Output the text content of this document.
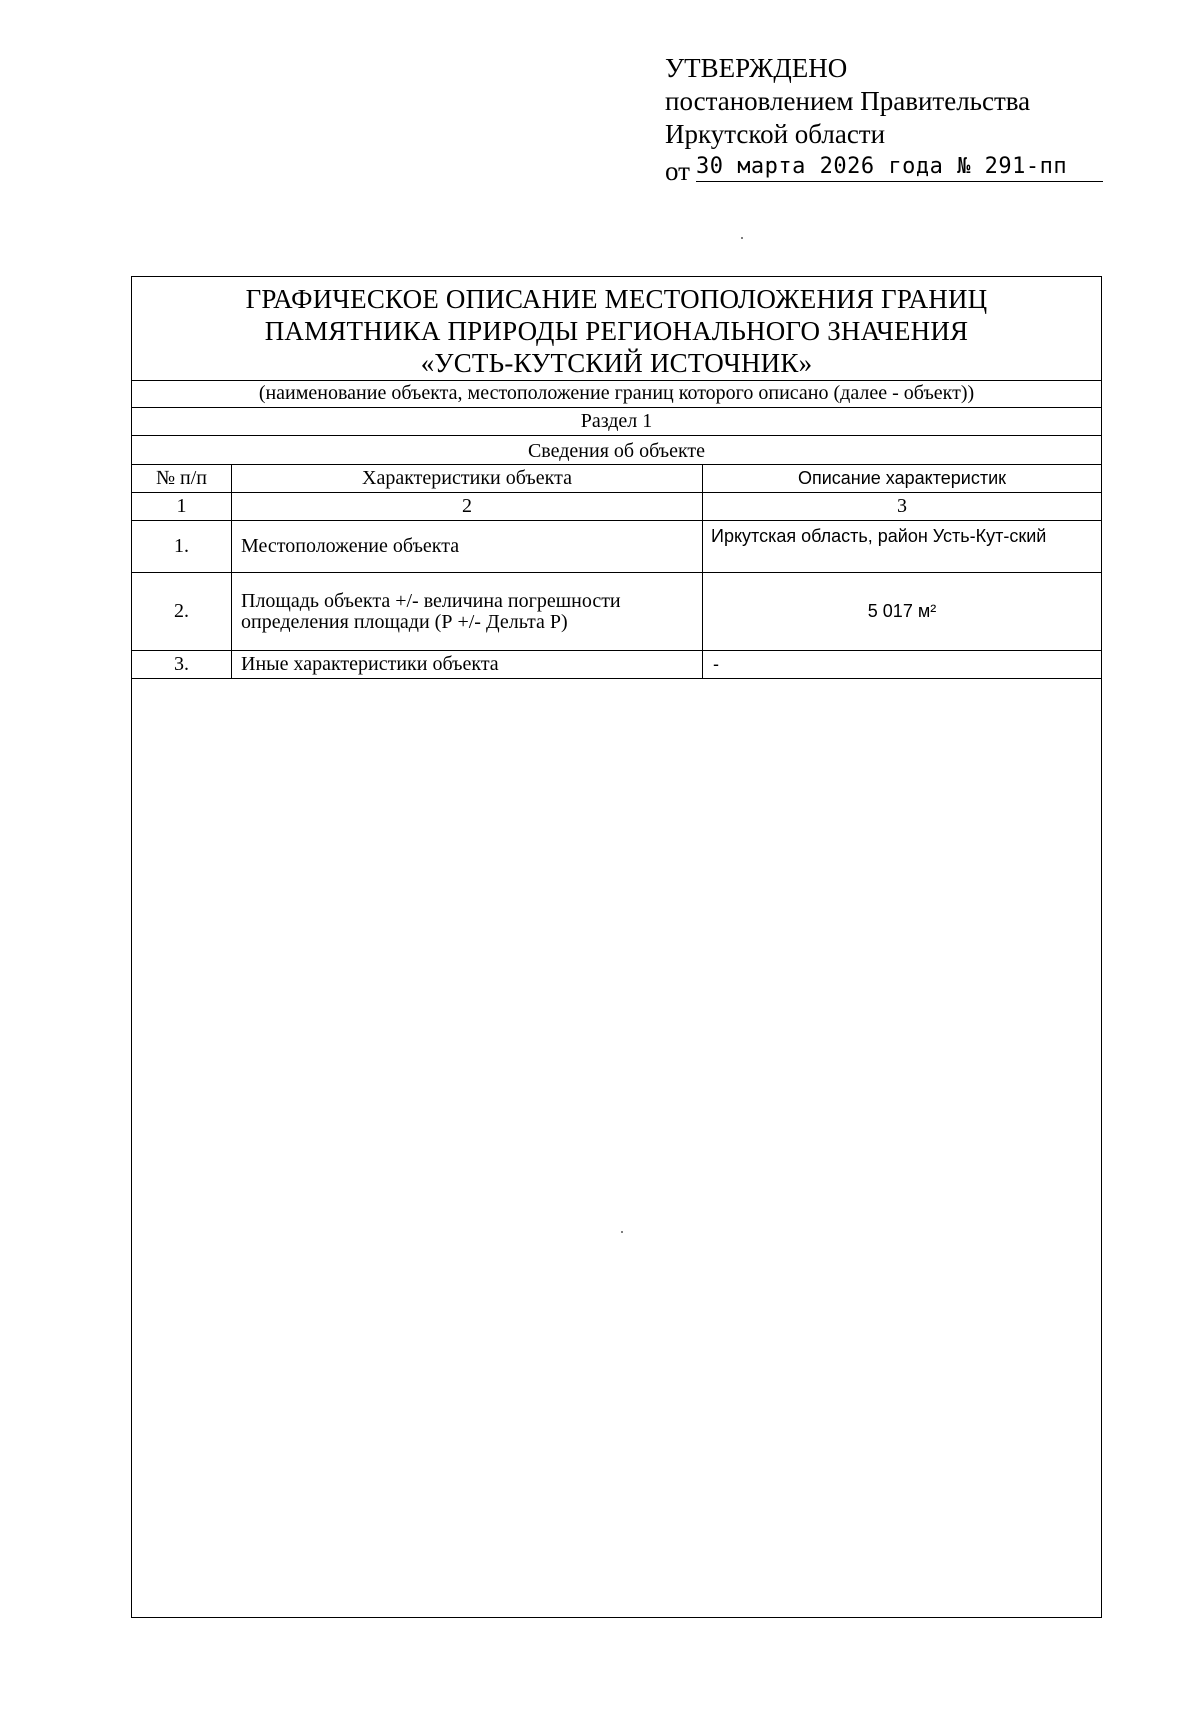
УТВЕРЖДЕНО
постановлением Правительства
Иркутской области
от 30 марта 2026 года № 291-пп
ГРАФИЧЕСКОЕ ОПИСАНИЕ МЕСТОПОЛОЖЕНИЯ ГРАНИЦ
ПАМЯТНИКА ПРИРОДЫ РЕГИОНАЛЬНОГО ЗНАЧЕНИЯ
«УСТЬ-КУТСКИЙ ИСТОЧНИК»
(наименование объекта, местоположение границ которого описано (далее - объект))
Раздел 1
Сведения об объекте
№ п/п	Характеристики объекта	Описание характеристик
1	2	3
1.	Местоположение объекта	Иркутская область, район Усть-Кут-ский
2.	Площадь объекта +/- величина погрешности определения площади (Р +/- Дельта Р)	5 017 м²
3.	Иные характеристики объекта	-
